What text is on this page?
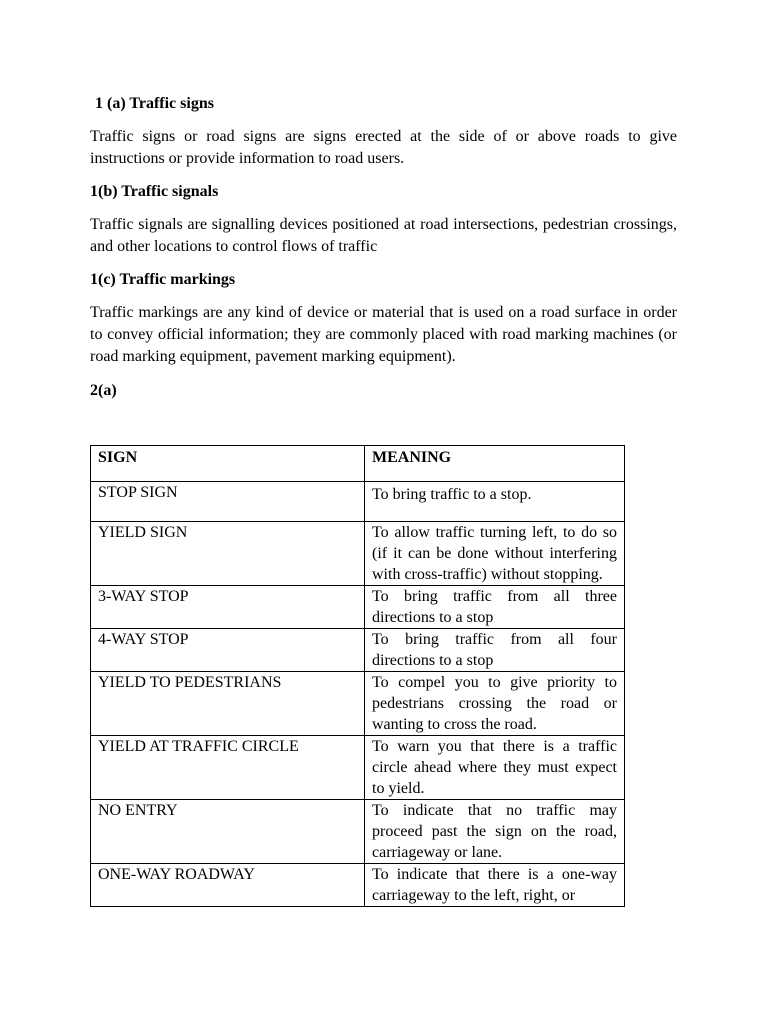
1 (a) Traffic signs
Traffic signs or road signs are signs erected at the side of or above roads to give instructions or provide information to road users.
1(b) Traffic signals
Traffic signals are signalling devices positioned at road intersections, pedestrian crossings, and other locations to control flows of traffic
1(c) Traffic markings
Traffic markings are any kind of device or material that is used on a road surface in order to convey official information; they are commonly placed with road marking machines (or road marking equipment, pavement marking equipment).
2(a)
SIGN	MEANING
STOP SIGN	To bring traffic to a stop.
YIELD SIGN	To allow traffic turning left, to do so (if it can be done without interfering with cross-traffic) without stopping.
3-WAY STOP	To bring traffic from all three directions to a stop
4-WAY STOP	To bring traffic from all four directions to a stop
YIELD TO PEDESTRIANS	To compel you to give priority to pedestrians crossing the road or wanting to cross the road.
YIELD AT TRAFFIC CIRCLE	To warn you that there is a traffic circle ahead where they must expect to yield.
NO ENTRY	To indicate that no traffic may proceed past the sign on the road, carriageway or lane.
ONE-WAY ROADWAY	To indicate that there is a one-way carriageway to the left, right, or
